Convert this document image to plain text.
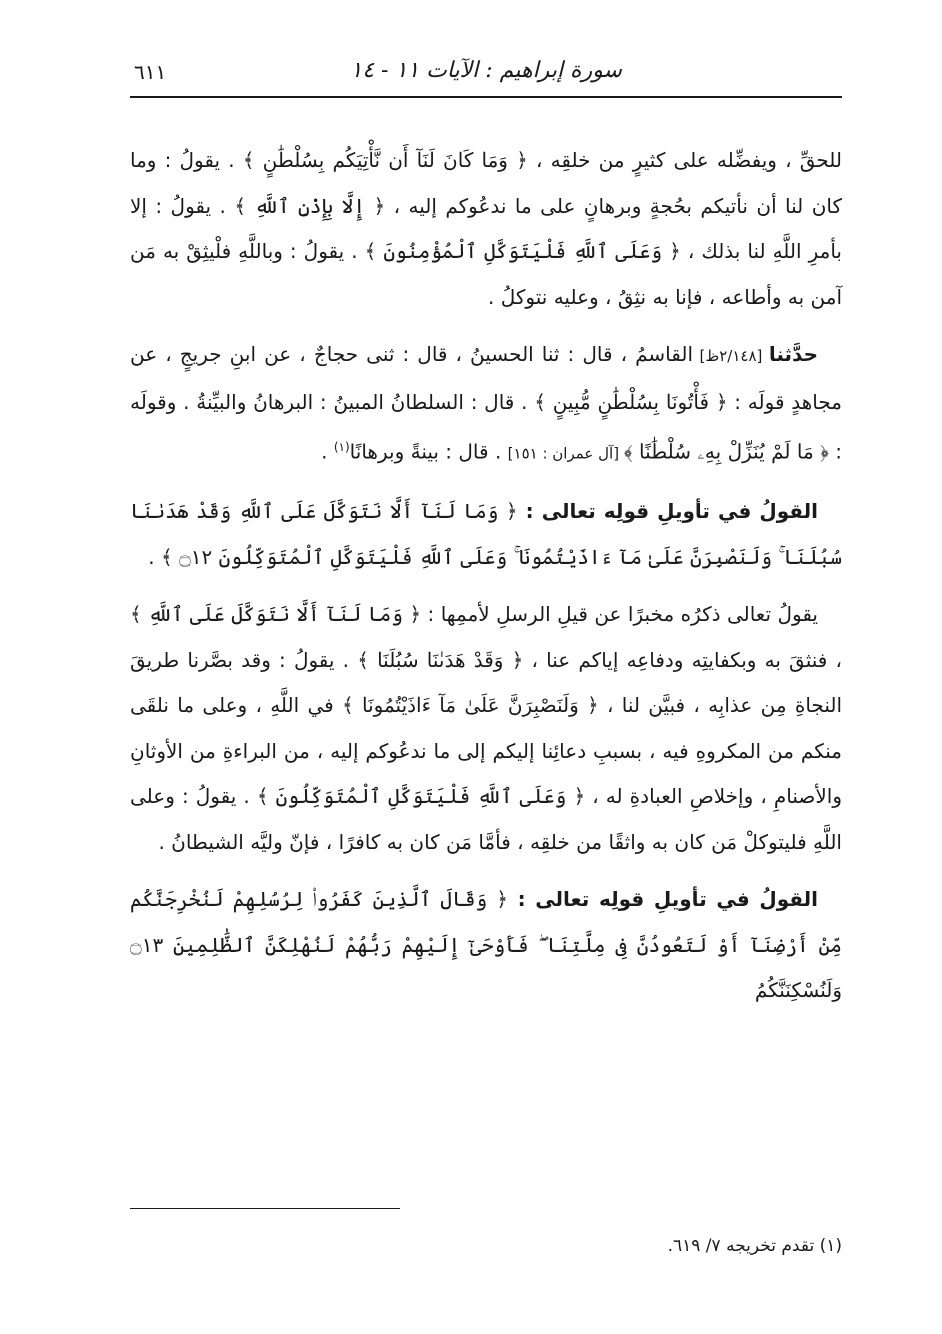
سورة إبراهيم : الآيات ١١ - ١٤
٦١١

للحقِّ ، ويفضِّله على كثيرٍ من خلقِه ، ﴿ وَمَا كَانَ لَنَآ أَن نَّأْتِيَكُم بِسُلْطَٰنٍ ﴾ . يقولُ : وما كان لنا أن نأتيكم بحُجةٍ وبرهانٍ على ما ندعُوكم إليه ، ﴿ إِلَّا بِإِذْنِ ٱللَّهِ ﴾ . يقولُ : إلا بأمرِ اللَّهِ لنا بذلك ، ﴿ وَعَلَى ٱللَّهِ فَلْيَتَوَكَّلِ ٱلْمُؤْمِنُونَ ﴾ . يقولُ : وباللَّهِ فلْيثِقْ به مَن آمن به وأطاعه ، فإنا به نثِقُ ، وعليه نتوكلُ .

حدَّثنا [٢/١٤٨ظ] القاسمُ ، قال : ثنا الحسينُ ، قال : ثنى حجاجٌ ، عن ابنِ جريجٍ ، عن مجاهدٍ قولَه : ﴿ فَأْتُونَا بِسُلْطَٰنٍ مُّبِينٍ ﴾ . قال : السلطانُ المبينُ : البرهانُ والبيِّنةُ . وقولَه : ﴿ مَا لَمْ يُنَزِّلْ بِهِۦ سُلْطَٰنًا ﴾ [آل عمران : ١٥١] . قال : بينةً وبرهانًا$^{(١)}$ .

القولُ في تأويلِ قولِه تعالى : ﴿ وَمَا لَنَآ أَلَّا نَتَوَكَّلَ عَلَى ٱللَّهِ وَقَدْ هَدَىٰنَا سُبُلَنَا ۚ وَلَنَصْبِرَنَّ عَلَىٰ مَآ ءَاذَيْتُمُونَا ۚ وَعَلَى ٱللَّهِ فَلْيَتَوَكَّلِ ٱلْمُتَوَكِّلُونَ ۝١٢ ﴾ .

يقولُ تعالى ذكرُه مخبرًا عن قيلِ الرسلِ لأممِها : ﴿ وَمَا لَنَآ أَلَّا نَتَوَكَّلَ عَلَى ٱللَّهِ ﴾ ، فنثقَ به وبكفايتِه ودفاعِه إياكم عنا ، ﴿ وَقَدْ هَدَىٰنَا سُبُلَنَا ﴾ . يقولُ : وقد بصَّرنا طريقَ النجاةِ مِن عذابِه ، فبيَّن لنا ، ﴿ وَلَنَصْبِرَنَّ عَلَىٰ مَآ ءَاذَيْتُمُونَا ﴾ في اللَّهِ ، وعلى ما نلقَى منكم من المكروهِ فيه ، بسببِ دعائِنا إليكم إلى ما ندعُوكم إليه ، من البراءةِ من الأوثانِ والأصنامِ ، وإخلاصِ العبادةِ له ، ﴿ وَعَلَى ٱللَّهِ فَلْيَتَوَكَّلِ ٱلْمُتَوَكِّلُونَ ﴾ . يقولُ : وعلى اللَّهِ فليتوكلْ مَن كان به واثقًا من خلقِه ، فأمَّا مَن كان به كافرًا ، فإنّ وليَّه الشيطانُ .

القولُ في تأويلِ قولِه تعالى : ﴿ وَقَالَ ٱلَّذِينَ كَفَرُوا۟ لِرُسُلِهِمْ لَنُخْرِجَنَّكُم مِّنْ أَرْضِنَآ أَوْ لَتَعُودُنَّ فِى مِلَّتِنَا ۖ فَأَوْحَىٰٓ إِلَيْهِمْ رَبُّهُمْ لَنُهْلِكَنَّ ٱلظَّٰلِمِينَ ۝١٣ وَلَنُسْكِنَنَّكُمُ

(١) تقدم تخريجه ٧/ ٦١٩.
